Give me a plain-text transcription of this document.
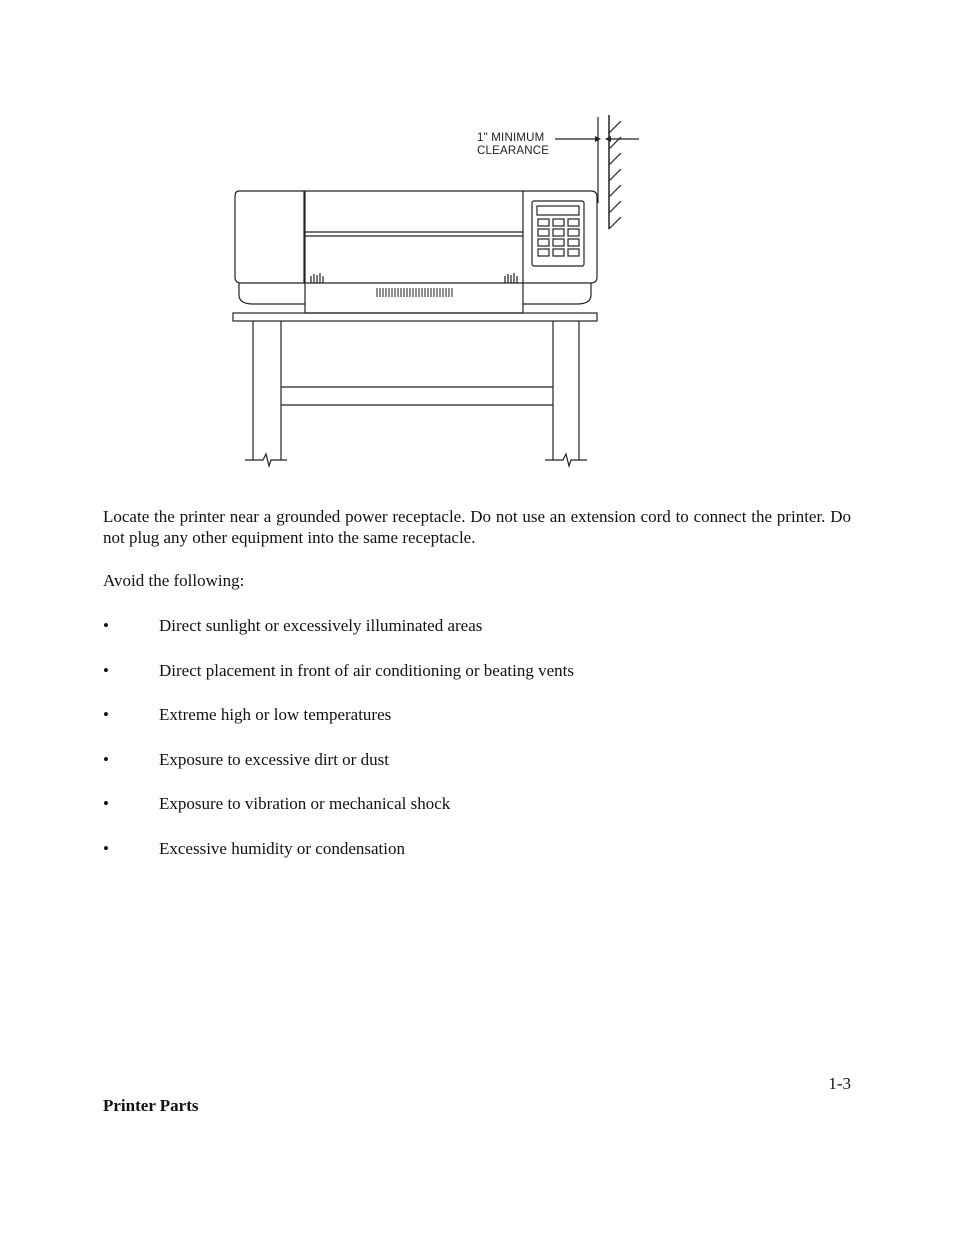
1" MINIMUM
CLEARANCE

Locate the printer near a grounded power receptacle. Do not use an extension cord to connect the printer. Do not plug any other equipment into the same receptacle.

Avoid the following:

•	Direct sunlight or excessively illuminated areas
•	Direct placement in front of air conditioning or beating vents
•	Extreme high or low temperatures
•	Exposure to excessive dirt or dust
•	Exposure to vibration or mechanical shock
•	Excessive humidity or condensation
1-3

Printer Parts
